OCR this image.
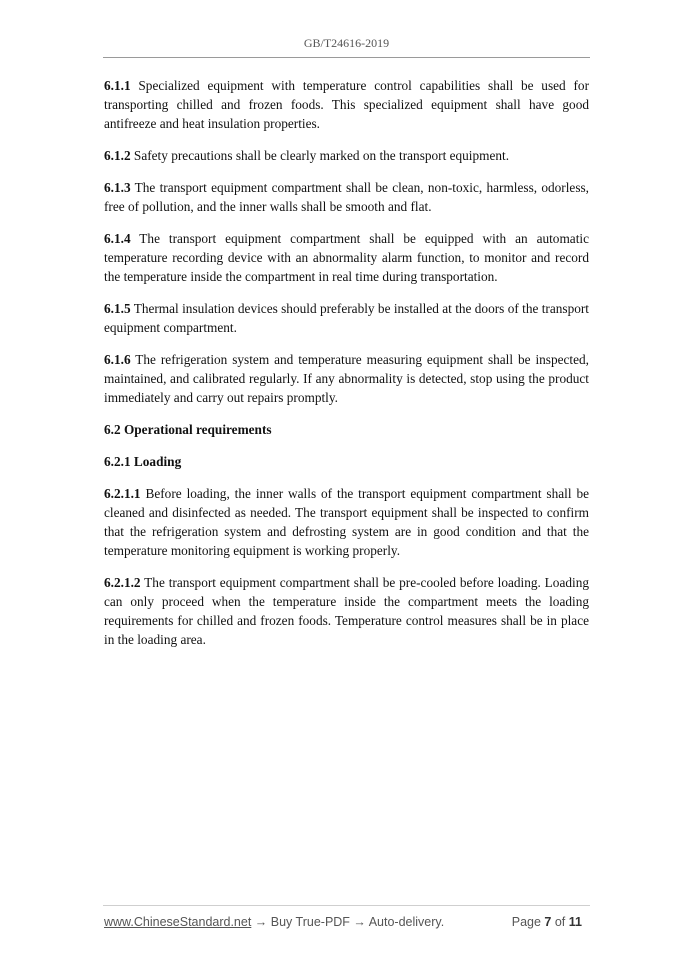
GB/T24616-2019

6.1.1 Specialized equipment with temperature control capabilities shall be used for transporting chilled and frozen foods. This specialized equipment shall have good antifreeze and heat insulation properties.

6.1.2 Safety precautions shall be clearly marked on the transport equipment.

6.1.3 The transport equipment compartment shall be clean, non-toxic, harmless, odorless, free of pollution, and the inner walls shall be smooth and flat.

6.1.4 The transport equipment compartment shall be equipped with an automatic temperature recording device with an abnormality alarm function, to monitor and record the temperature inside the compartment in real time during transportation.

6.1.5 Thermal insulation devices should preferably be installed at the doors of the transport equipment compartment.

6.1.6 The refrigeration system and temperature measuring equipment shall be inspected, maintained, and calibrated regularly. If any abnormality is detected, stop using the product immediately and carry out repairs promptly.

6.2 Operational requirements

6.2.1 Loading

6.2.1.1 Before loading, the inner walls of the transport equipment compartment shall be cleaned and disinfected as needed. The transport equipment shall be inspected to confirm that the refrigeration system and defrosting system are in good condition and that the temperature monitoring equipment is working properly.

6.2.1.2 The transport equipment compartment shall be pre-cooled before loading. Loading can only proceed when the temperature inside the compartment meets the loading requirements for chilled and frozen foods. Temperature control measures shall be in place in the loading area.

www.ChineseStandard.net → Buy True-PDF → Auto-delivery.	Page 7 of 11
